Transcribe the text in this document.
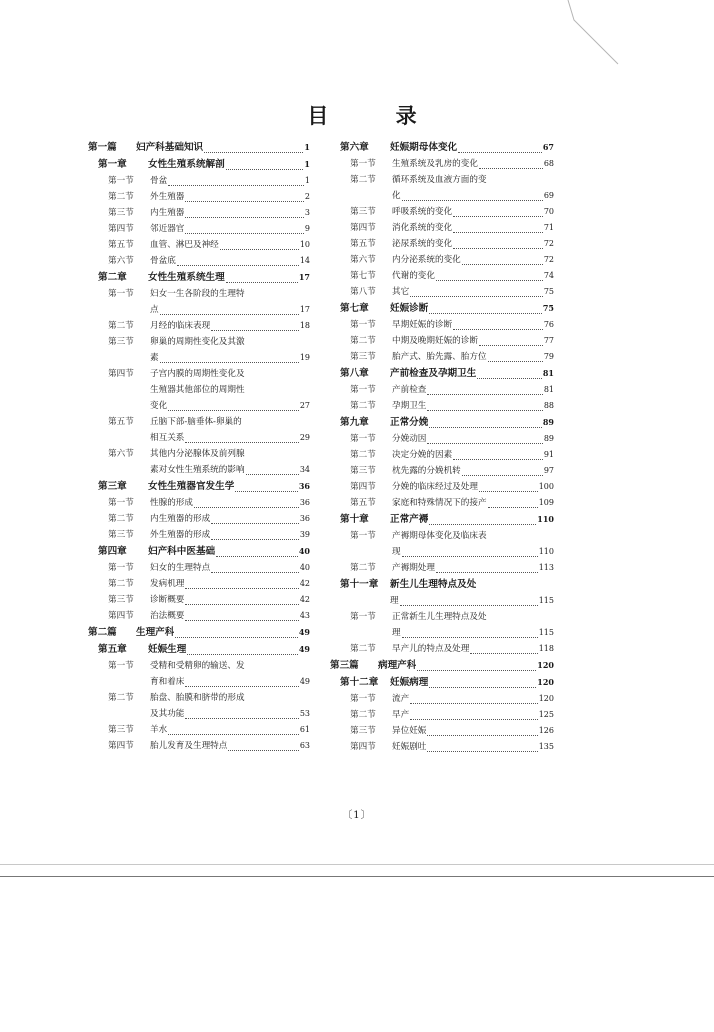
目 录
第一篇	妇产科基础知识	1
第一章	女性生殖系统解剖	1
第一节	骨盆	1
第二节	外生殖器	2
第三节	内生殖器	3
第四节	邻近器官	9
第五节	血管、淋巴及神经	10
第六节	骨盆底	14
第二章	女性生殖系统生理	17
第一节	妇女一生各阶段的生理特
点	17
第二节	月经的临床表现	18
第三节	卵巢的周期性变化及其激
素	19
第四节	子宫内膜的周期性变化及
生殖器其他部位的周期性
变化	27
第五节	丘脑下部-脑垂体-卵巢的
相互关系	29
第六节	其他内分泌腺体及前列腺
素对女性生殖系统的影响	34
第三章	女性生殖器官发生学	36
第一节	性腺的形成	36
第二节	内生殖器的形成	36
第三节	外生殖器的形成	39
第四章	妇产科中医基础	40
第一节	妇女的生理特点	40
第二节	发病机理	42
第三节	诊断概要	42
第四节	治法概要	43
第二篇	生理产科	49
第五章	妊娠生理	49
第一节	受精和受精卵的输送、发
育和着床	49
第二节	胎盘、胎膜和脐带的形成
及其功能	53
第三节	羊水	61
第四节	胎儿发育及生理特点	63
第六章	妊娠期母体变化	67
第一节	生殖系统及乳房的变化	68
第二节	循环系统及血液方面的变
化	69
第三节	呼吸系统的变化	70
第四节	消化系统的变化	71
第五节	泌尿系统的变化	72
第六节	内分泌系统的变化	72
第七节	代谢的变化	74
第八节	其它	75
第七章	妊娠诊断	75
第一节	早期妊娠的诊断	76
第二节	中期及晚期妊娠的诊断	77
第三节	胎产式、胎先露、胎方位	79
第八章	产前检查及孕期卫生	81
第一节	产前检查	81
第二节	孕期卫生	88
第九章	正常分娩	89
第一节	分娩动因	89
第二节	决定分娩的因素	91
第三节	枕先露的分娩机转	97
第四节	分娩的临床经过及处理	100
第五节	家庭和特殊情况下的接产	109
第十章	正常产褥	110
第一节	产褥期母体变化及临床表
现	110
第二节	产褥期处理	113
第十一章	新生儿生理特点及处
理	115
第一节	正常新生儿生理特点及处
理	115
第二节	早产儿的特点及处理	118
第三篇	病理产科	120
第十二章	妊娠病理	120
第一节	流产	120
第二节	早产	125
第三节	异位妊娠	126
第四节	妊娠剧吐	135
〔1〕
